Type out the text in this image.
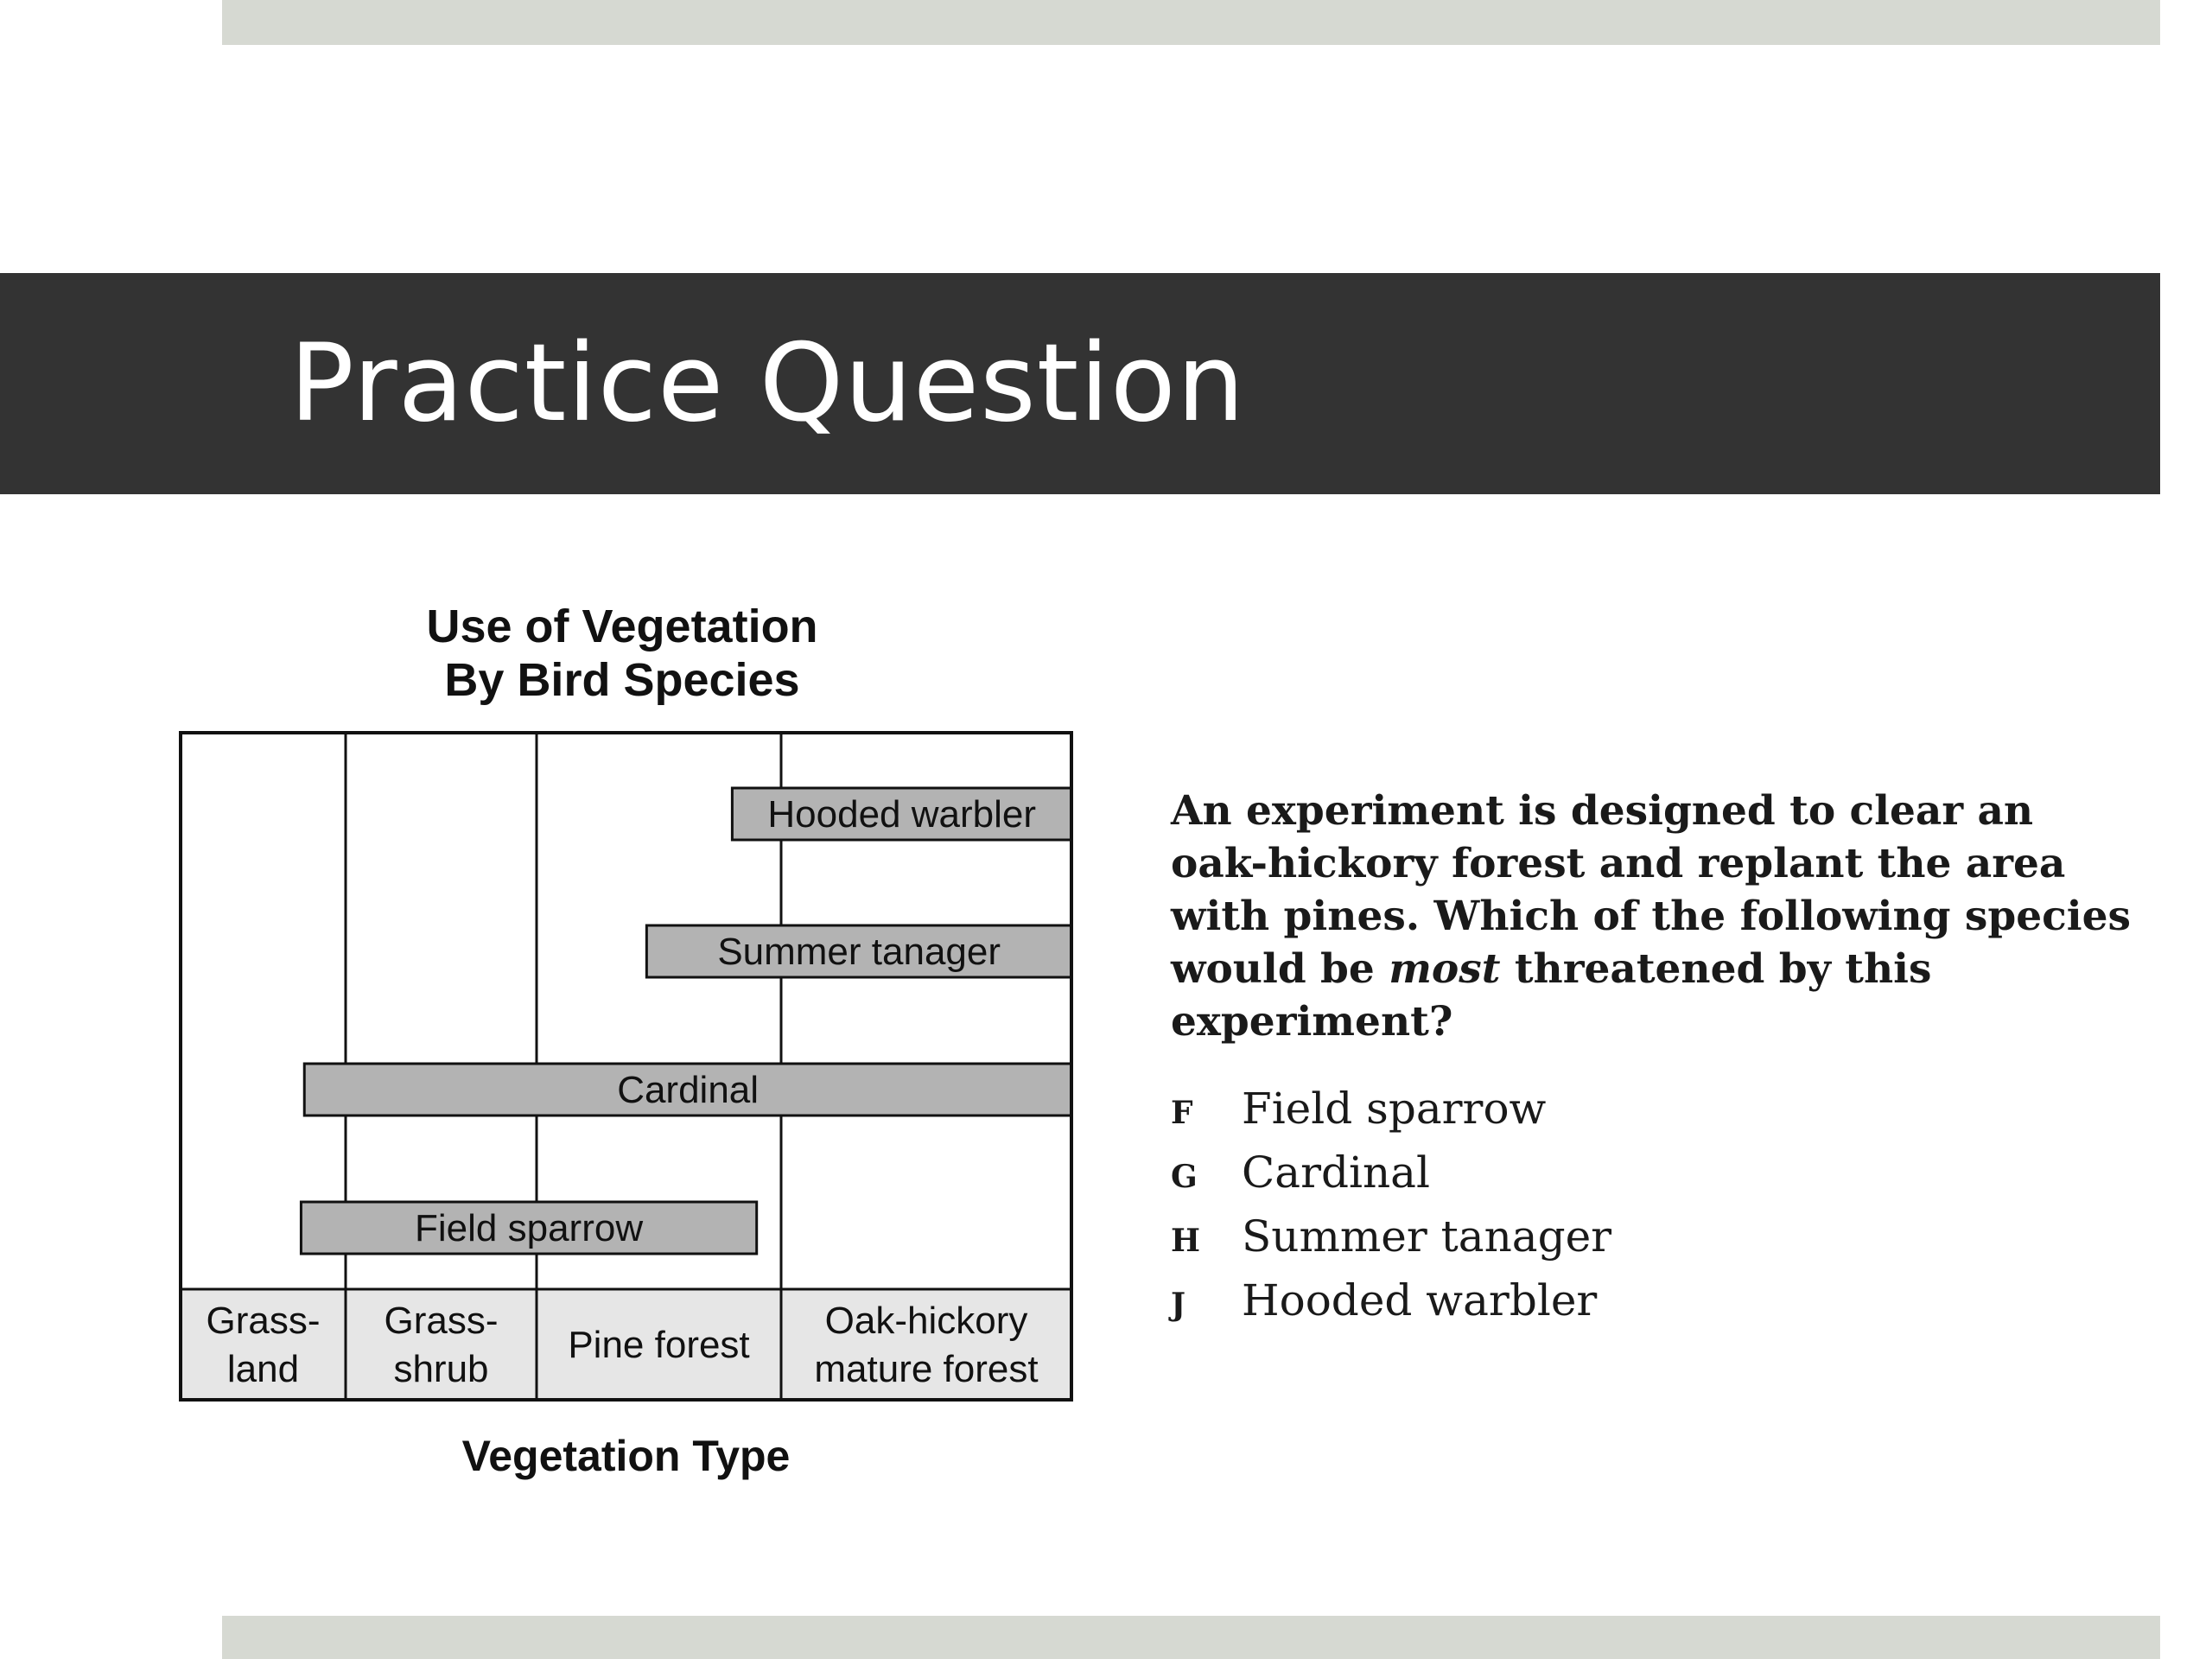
Practice Question
Use of Vegetation
By Bird Species
Hooded warbler
Summer tanager
Cardinal
Field sparrow
Grass-
land
Grass-
shrub
Pine forest
Oak-hickory
mature forest
Vegetation Type
An experiment is designed to clear an oak-hickory forest and replant the area with pines. Which of the following species would be most threatened by this experiment?
F	Field sparrow
G	Cardinal
H Summer tanager
J	Hooded warbler
